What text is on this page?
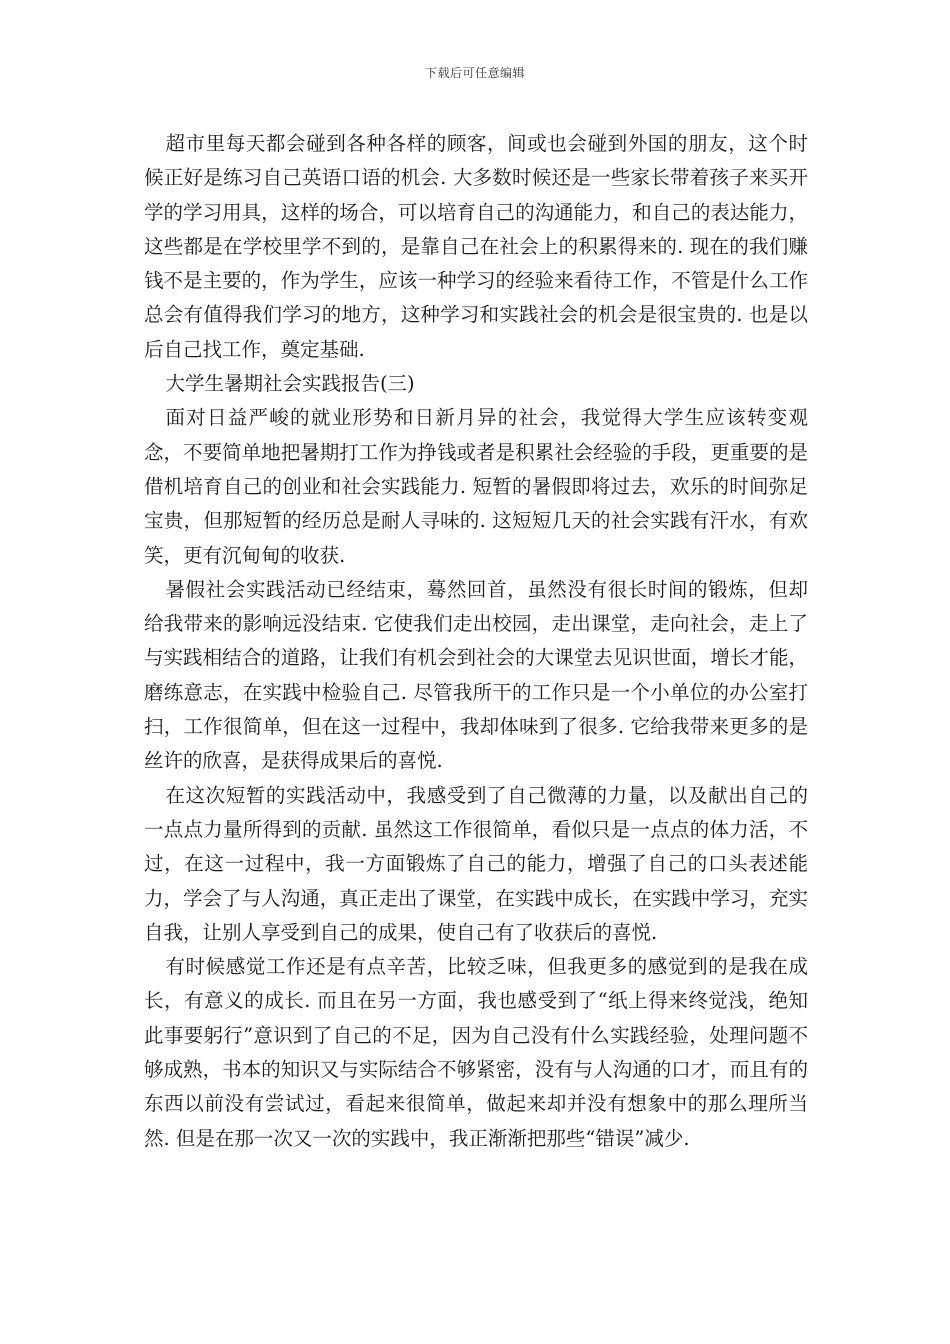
下载后可任意编辑

超市里每天都会碰到各种各样的顾客，间或也会碰到外国的朋友，这个时候正好是练习自己英语口语的机会. 大多数时候还是一些家长带着孩子来买开学的学习用具，这样的场合，可以培育自己的沟通能力，和自己的表达能力，这些都是在学校里学不到的，是靠自己在社会上的积累得来的. 现在的我们赚钱不是主要的，作为学生，应该一种学习的经验来看待工作，不管是什么工作总会有值得我们学习的地方，这种学习和实践社会的机会是很宝贵的. 也是以后自己找工作，奠定基础.

大学生暑期社会实践报告(三)

面对日益严峻的就业形势和日新月异的社会，我觉得大学生应该转变观念，不要简单地把暑期打工作为挣钱或者是积累社会经验的手段，更重要的是借机培育自己的创业和社会实践能力. 短暂的暑假即将过去，欢乐的时间弥足宝贵，但那短暂的经历总是耐人寻味的. 这短短几天的社会实践有汗水，有欢笑，更有沉甸甸的收获.

暑假社会实践活动已经结束，蓦然回首，虽然没有很长时间的锻炼，但却给我带来的影响远没结束. 它使我们走出校园，走出课堂，走向社会，走上了与实践相结合的道路，让我们有机会到社会的大课堂去见识世面，增长才能，磨练意志，在实践中检验自己. 尽管我所干的工作只是一个小单位的办公室打扫，工作很简单，但在这一过程中，我却体味到了很多. 它给我带来更多的是丝许的欣喜，是获得成果后的喜悦.

在这次短暂的实践活动中，我感受到了自己微薄的力量，以及献出自己的一点点力量所得到的贡献. 虽然这工作很简单，看似只是一点点的体力活，不过，在这一过程中，我一方面锻炼了自己的能力，增强了自己的口头表述能力，学会了与人沟通，真正走出了课堂，在实践中成长，在实践中学习，充实自我，让别人享受到自己的成果，使自己有了收获后的喜悦.

有时候感觉工作还是有点辛苦，比较乏味，但我更多的感觉到的是我在成长，有意义的成长. 而且在另一方面，我也感受到了“纸上得来终觉浅，绝知此事要躬行”意识到了自己的不足，因为自己没有什么实践经验，处理问题不够成熟，书本的知识又与实际结合不够紧密，没有与人沟通的口才，而且有的东西以前没有尝试过，看起来很简单，做起来却并没有想象中的那么理所当然. 但是在那一次又一次的实践中，我正渐渐把那些“错误”减少.
